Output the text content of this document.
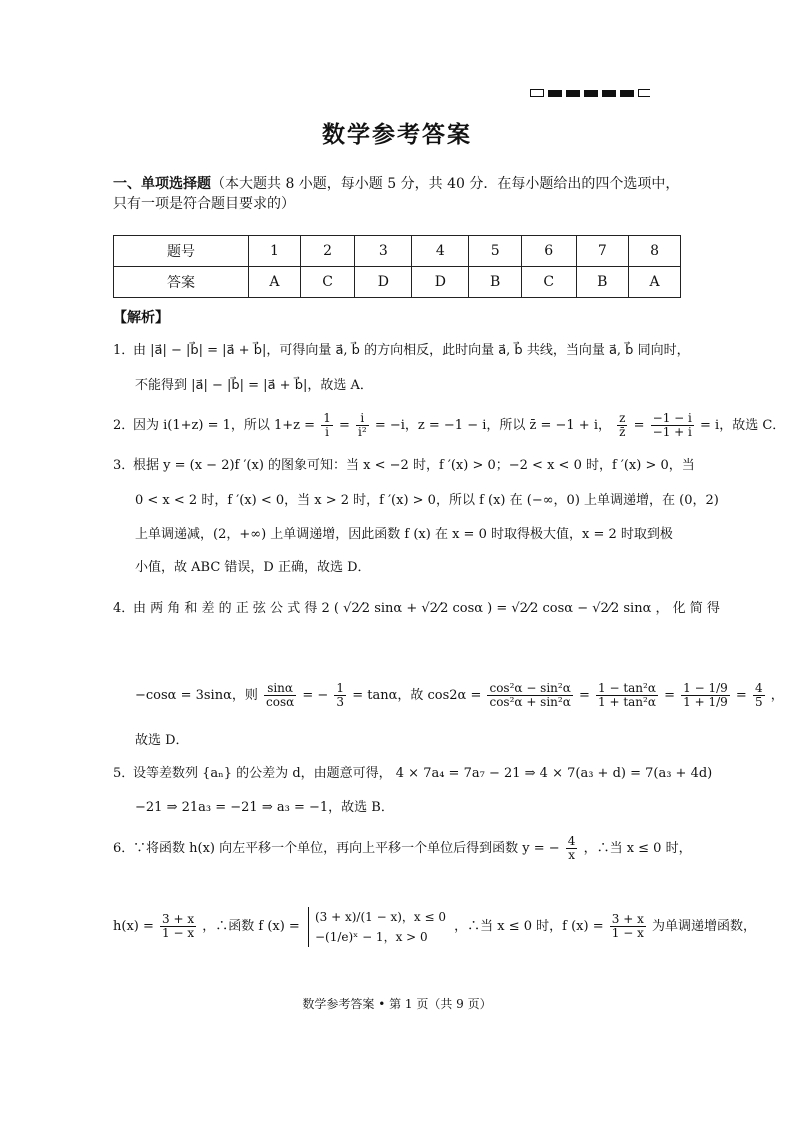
数学参考答案
一、单项选择题（本大题共 8 小题，每小题 5 分，共 40 分．在每小题给出的四个选项中，只有一项是符合题目要求的）
题号	1	2	3	4	5	6	7	8
答案	A	C	D	D	B	C	B	A
【解析】
1．由 |a⃗| − |b⃗| = |a⃗ + b⃗|，可得向量 a⃗, b⃗ 的方向相反，此时向量 a⃗, b⃗ 共线，当向量 a⃗, b⃗ 同向时，
不能得到 |a⃗| − |b⃗| = |a⃗ + b⃗|，故选 A．
2．因为 i(1+z) = 1，所以 $1+z = \frac{1}{i} = \frac{i}{\text{i²}} = -i$，z = −1 − i，所以 z̄ = −1 + i， $\frac{z}{z̄} = \frac{-1 - i}{-1 + i} = i$，故选 C．
3．根据 y = (x − 2)f ′(x) 的图象可知：当 x < −2 时，f ′(x) > 0；−2 < x < 0 时，f ′(x) > 0，当
0 < x < 2 时，f ′(x) < 0，当 x > 2 时，f ′(x) > 0，所以 f (x) 在 (−∞，0) 上单调递增，在 (0，2)
上单调递减，(2，+∞) 上单调递增，因此函数 f (x) 在 x = 0 时取得极大值，x = 2 时取到极
小值，故 ABC 错误，D 正确，故选 D．
4．由 两 角 和 差 的 正 弦 公 式 得 2 ( √2⁄2 sinα + √2⁄2 cosα ) = √2⁄2 cosα − √2⁄2 sinα ， 化 简 得
−cosα = 3sinα，则 $\frac{\sin\alpha}{\cos\alpha}$ = − $\frac{1}{3} = \tan\alpha$，故 $\cos 2\alpha = \frac{\text{cos²α − sin²α}}{\text{cos²α + sin²α}} = \frac{\text{1 − tan²α}}{\text{1 + tan²α}} = \frac{1 - 1/9}{1 + 1/9} = \frac{4}{5}$ ，
故选 D．
5．设等差数列 {aₙ} 的公差为 d，由题意可得， 4 × 7a₄ = 7a₇ − 21 ⇒ 4 × 7(a₃ + d) = 7(a₃ + 4d)
−21 ⇒ 21a₃ = −21 ⇒ a₃ = −1，故选 B．
6．∵将函数 h(x) 向左平移一个单位，再向上平移一个单位后得到函数 y = − $\frac{4}{x}$ ，∴当 x ≤ 0 时，
$h(x) = \frac{3 + x}{1 - x}$ ，∴函数 f (x) =
(3 + x)/(1 − x)，x ≤ 0
−(1/e)ˣ − 1，x > 0
，∴当 x ≤ 0 时，f $(x) = \frac{3 + x}{1 - x}$ 为单调递增函数，
数学参考答案 • 第 1 页（共 9 页）
